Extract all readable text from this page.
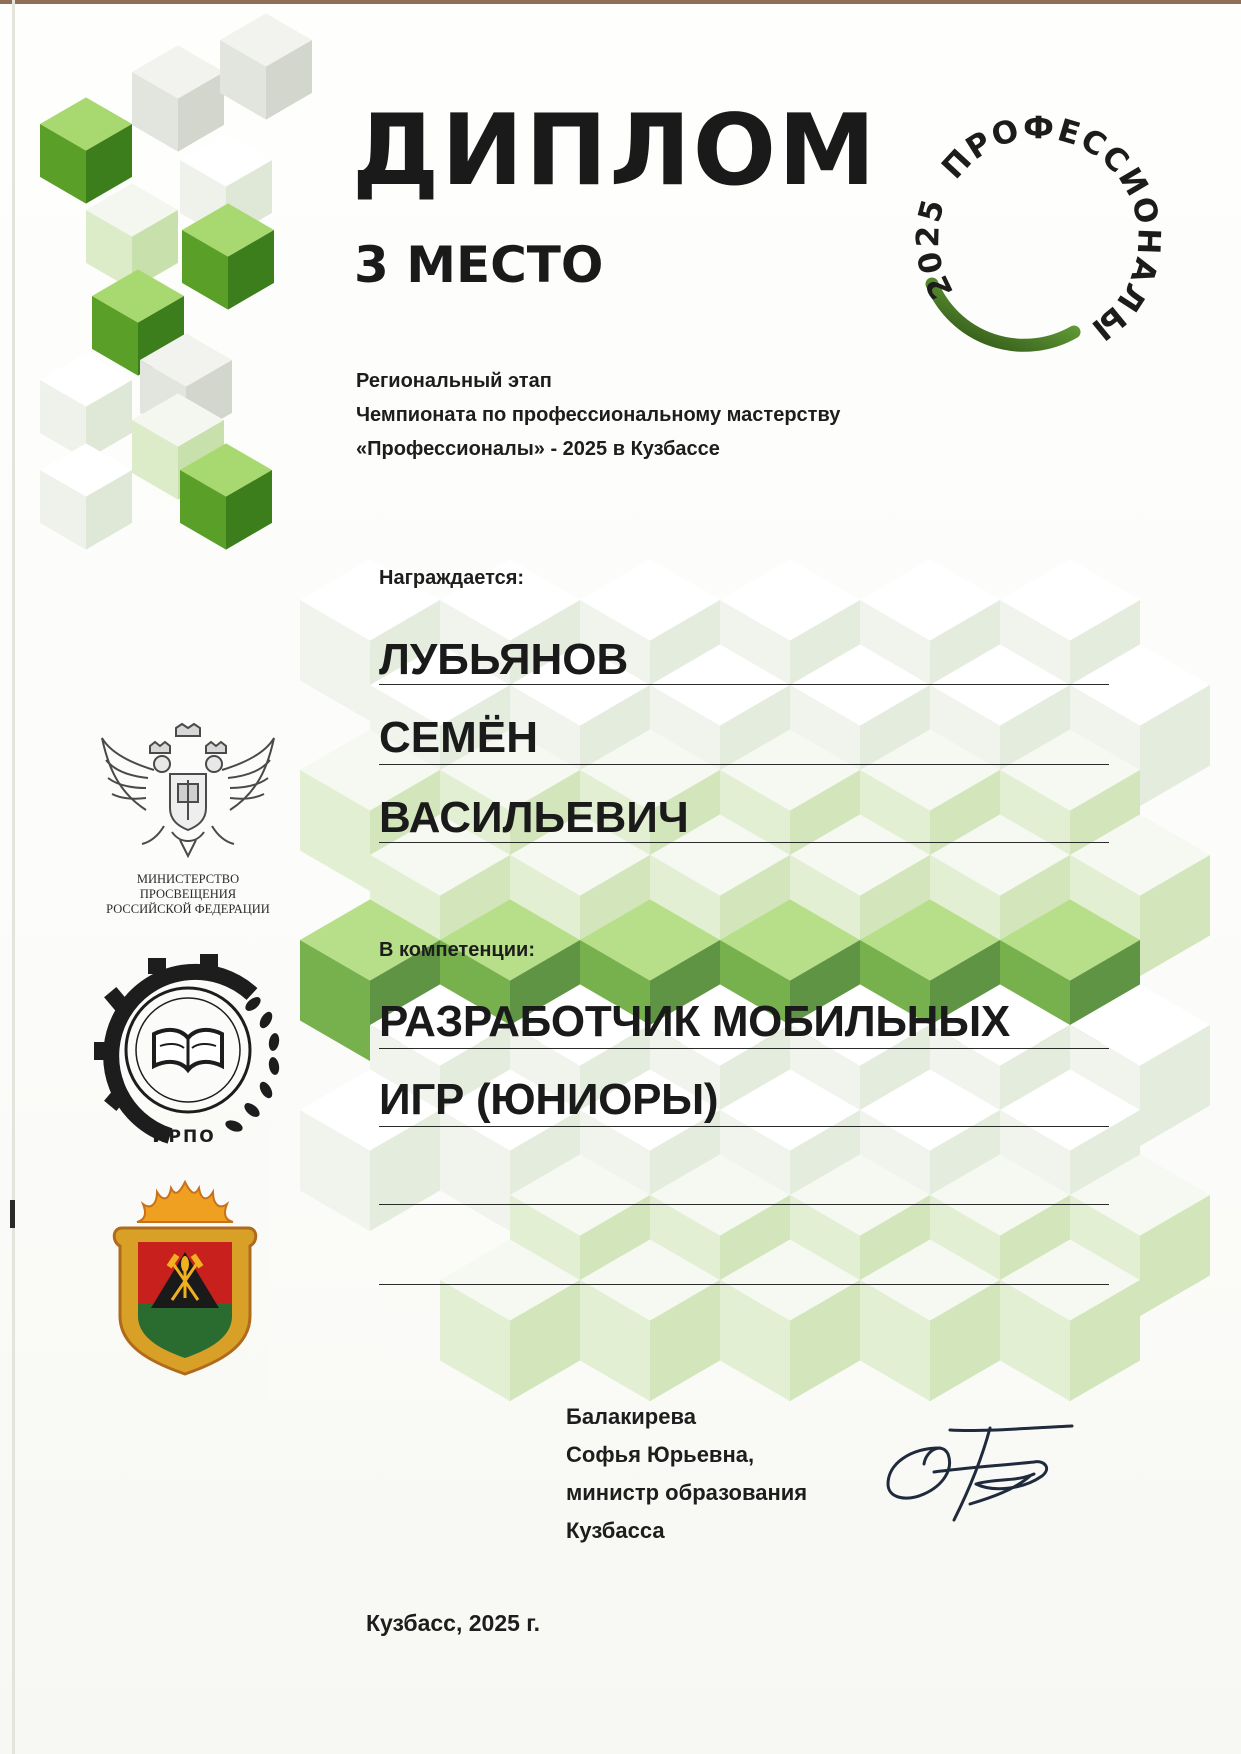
ДИПЛОМ
3 МЕСТО	2025 ПРОФЕССИОНАЛЫ

Региональный этап
Чемпионата по профессиональному мастерству
«Профессионалы» - 2025 в Кузбассе

Награждается:

ЛУБЬЯНОВ

СЕМЁН

ВАСИЛЬЕВИЧ

В компетенции:

РАЗРАБОТЧИК МОБИЛЬНЫХ

ИГР (ЮНИОРЫ)

МИНИСТЕРСТВО ПРОСВЕЩЕНИЯ
РОССИЙСКОЙ ФЕДЕРАЦИИ
ИРПО

Балакирева
Софья Юрьевна,
министр образования
Кузбасса

Кузбасс, 2025 г.
